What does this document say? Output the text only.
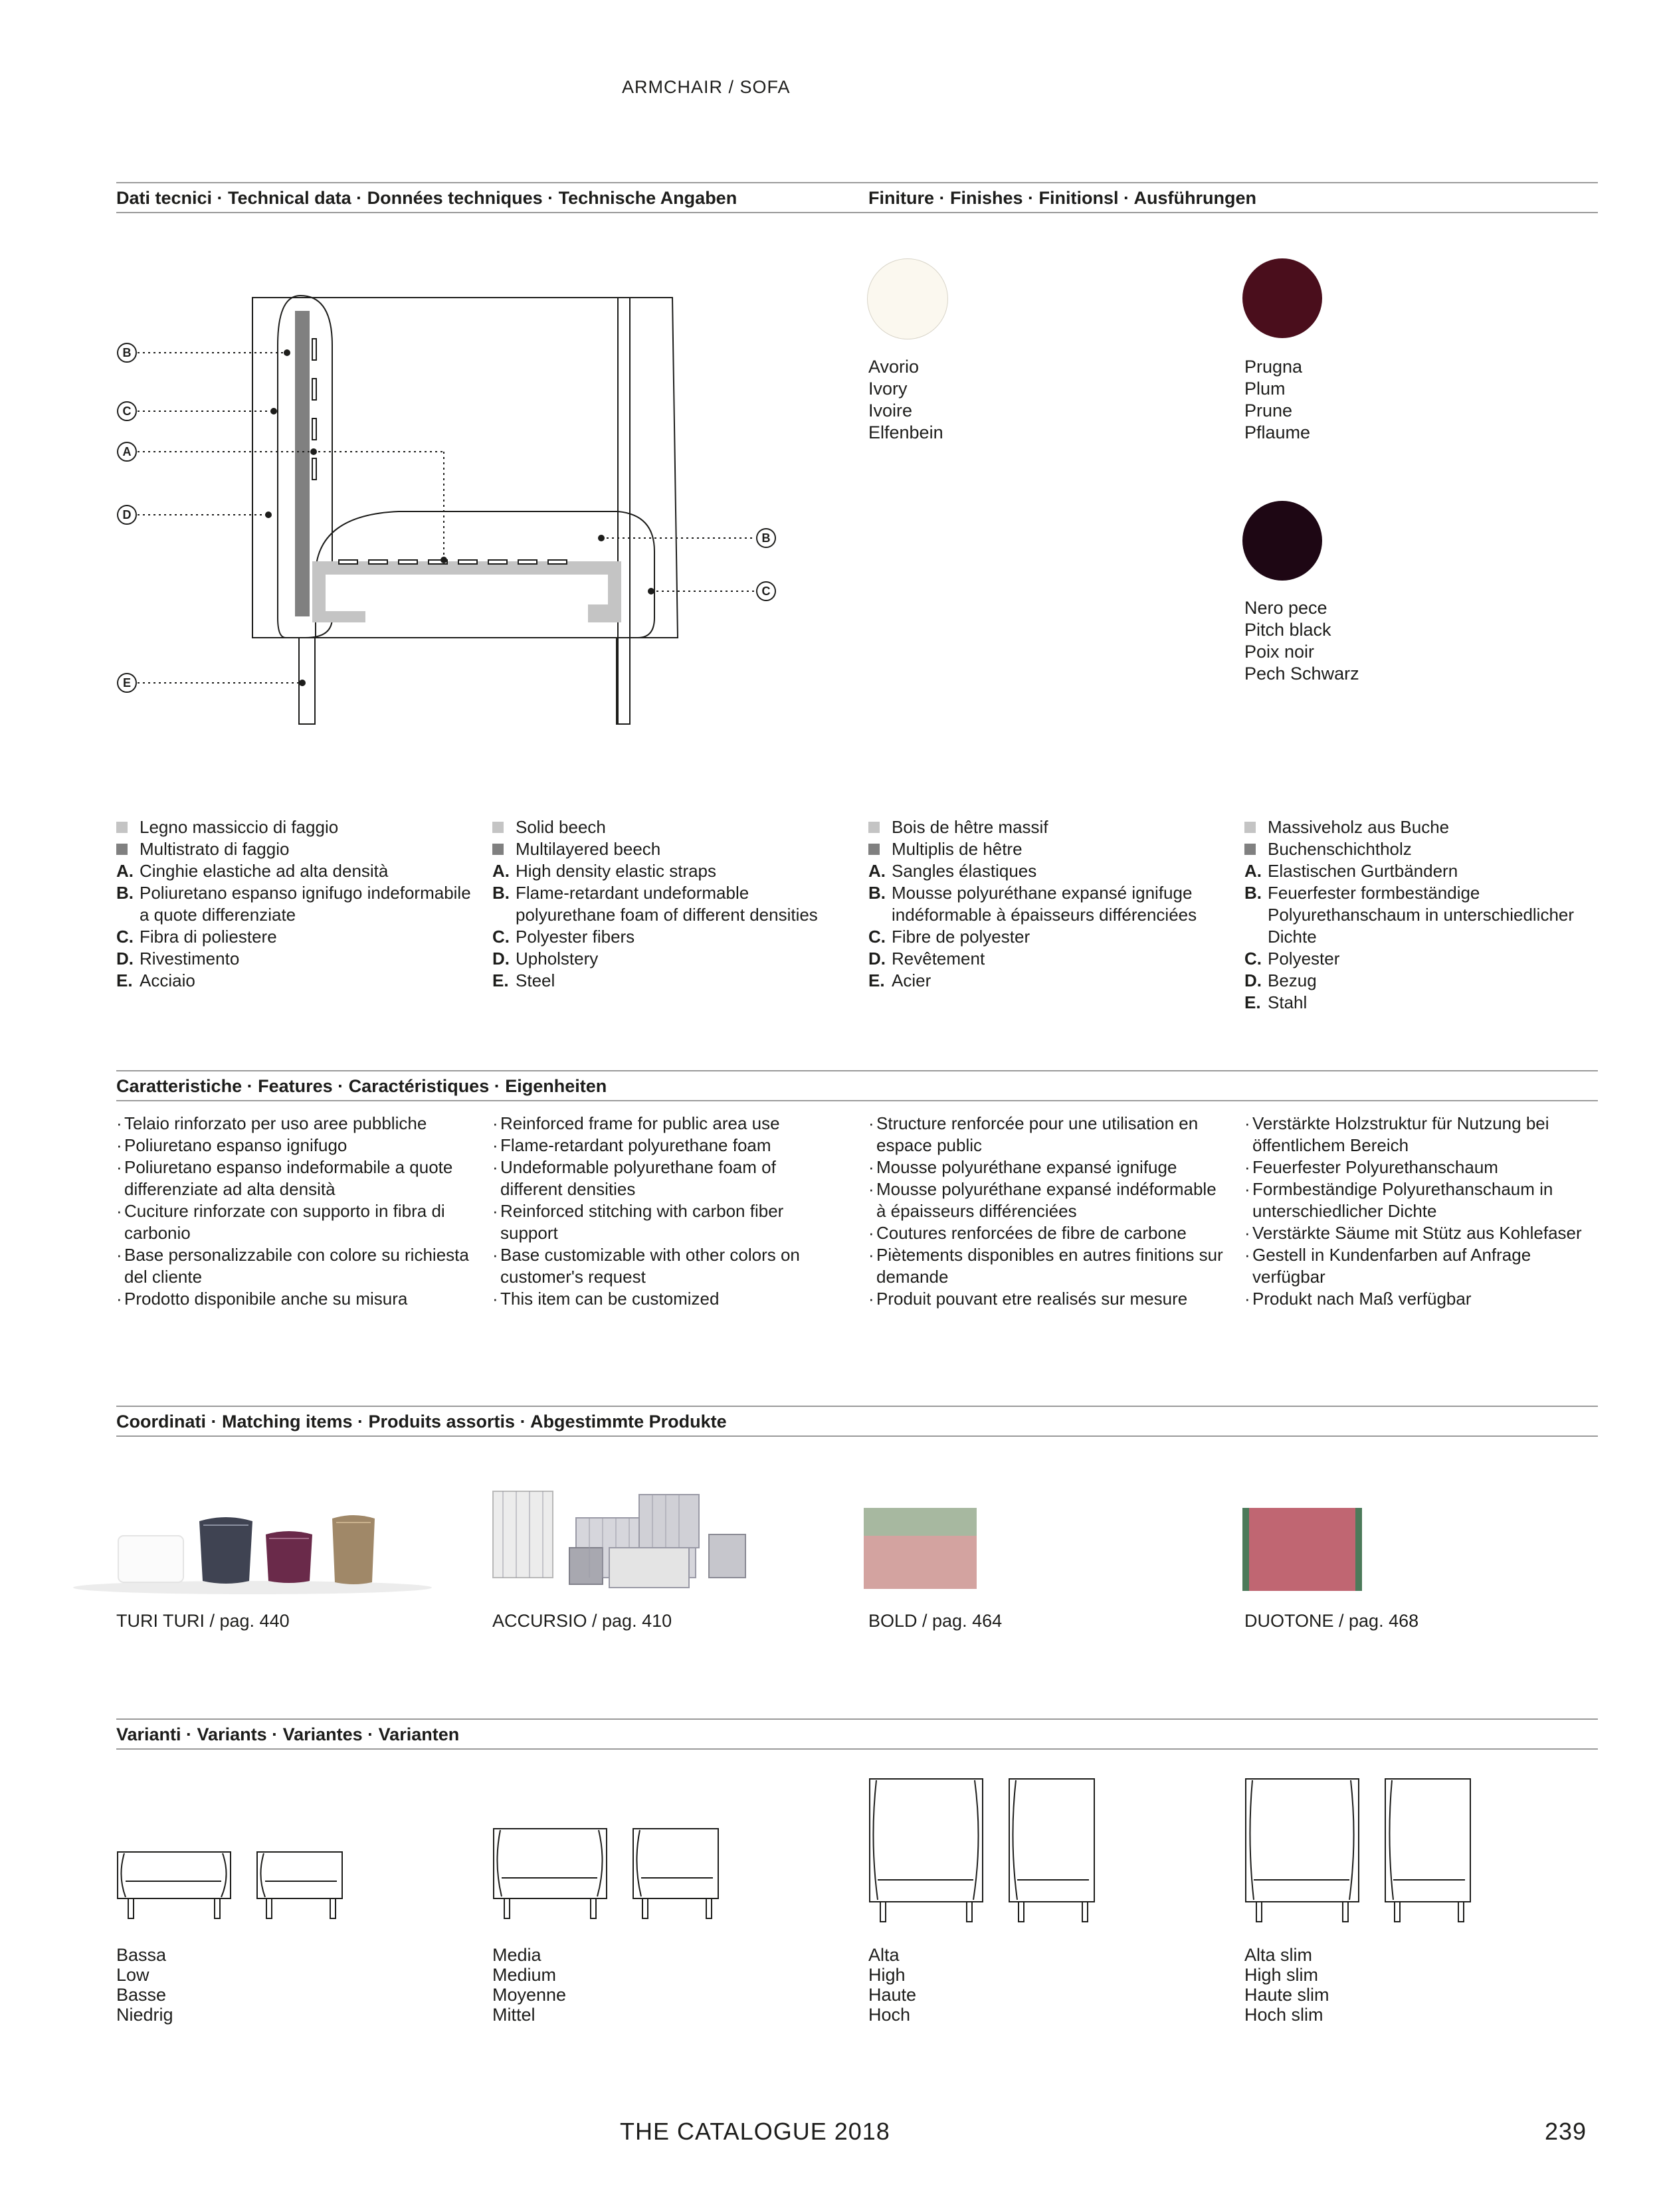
ARMCHAIR / SOFA
Dati tecnici · Technical data · Données techniques · Technische Angaben	Finiture · Finishes · Finitionsl · Ausführungen
B
C
A
D
E
B
C
Avorio
Ivory
Ivoire
Elfenbein
Prugna
Plum
Prune
Pflaume
Nero pece
Pitch black
Poix noir
Pech Schwarz
Legno massiccio di faggio
Multistrato di faggio
A. Cinghie elastiche ad alta densità
B. Poliuretano espanso ignifugo indeformabile a quote differenziate
C. Fibra di poliestere
D. Rivestimento
E. Acciaio
Solid beech
Multilayered beech
A. High density elastic straps
B. Flame-retardant undeformable polyurethane foam of different densities
C. Polyester fibers
D. Upholstery
E. Steel
Bois de hêtre massif
Multiplis de hêtre
A. Sangles élastiques
B. Mousse polyuréthane expansé ignifuge indéformable à épaisseurs différenciées
C. Fibre de polyester
D. Revêtement
E. Acier
Massiveholz aus Buche
Buchenschichtholz
A. Elastischen Gurtbändern
B. Feuerfester formbeständige Polyurethanschaum in unterschiedlicher Dichte
C. Polyester
D. Bezug
E. Stahl
Caratteristiche · Features · Caractéristiques · Eigenheiten
· Telaio rinforzato per uso aree pubbliche
· Poliuretano espanso ignifugo
· Poliuretano espanso indeformabile a quote differenziate ad alta densità
· Cuciture rinforzate con supporto in fibra di carbonio
· Base personalizzabile con colore su richiesta del cliente
· Prodotto disponibile anche su misura
· Reinforced frame for public area use
· Flame-retardant polyurethane foam
· Undeformable polyurethane foam of different densities
· Reinforced stitching with carbon fiber support
· Base customizable with other colors on customer's request
· This item can be customized
· Structure renforcée pour une utilisation en espace public
· Mousse polyuréthane expansé ignifuge
· Mousse polyuréthane expansé indéformable à épaisseurs différenciées
· Coutures renforcées de fibre de carbone
· Piètements disponibles en autres finitions sur demande
· Produit pouvant etre realisés sur mesure
· Verstärkte Holzstruktur für Nutzung bei öffentlichem Bereich
· Feuerfester Polyurethanschaum
· Formbeständige Polyurethanschaum in unterschiedlicher Dichte
· Verstärkte Säume mit Stütz aus Kohlefaser
· Gestell in Kundenfarben auf Anfrage verfügbar
· Produkt nach Maß verfügbar
Coordinati · Matching items · Produits assortis · Abgestimmte Produkte
TURI TURI / pag. 440	ACCURSIO / pag. 410	BOLD / pag. 464	DUOTONE / pag. 468
Varianti · Variants · Variantes · Varianten
Bassa
Low
Basse
Niedrig
Media
Medium
Moyenne
Mittel
Alta
High
Haute
Hoch
Alta slim
High slim
Haute slim
Hoch slim
THE CATALOGUE 2018	239
